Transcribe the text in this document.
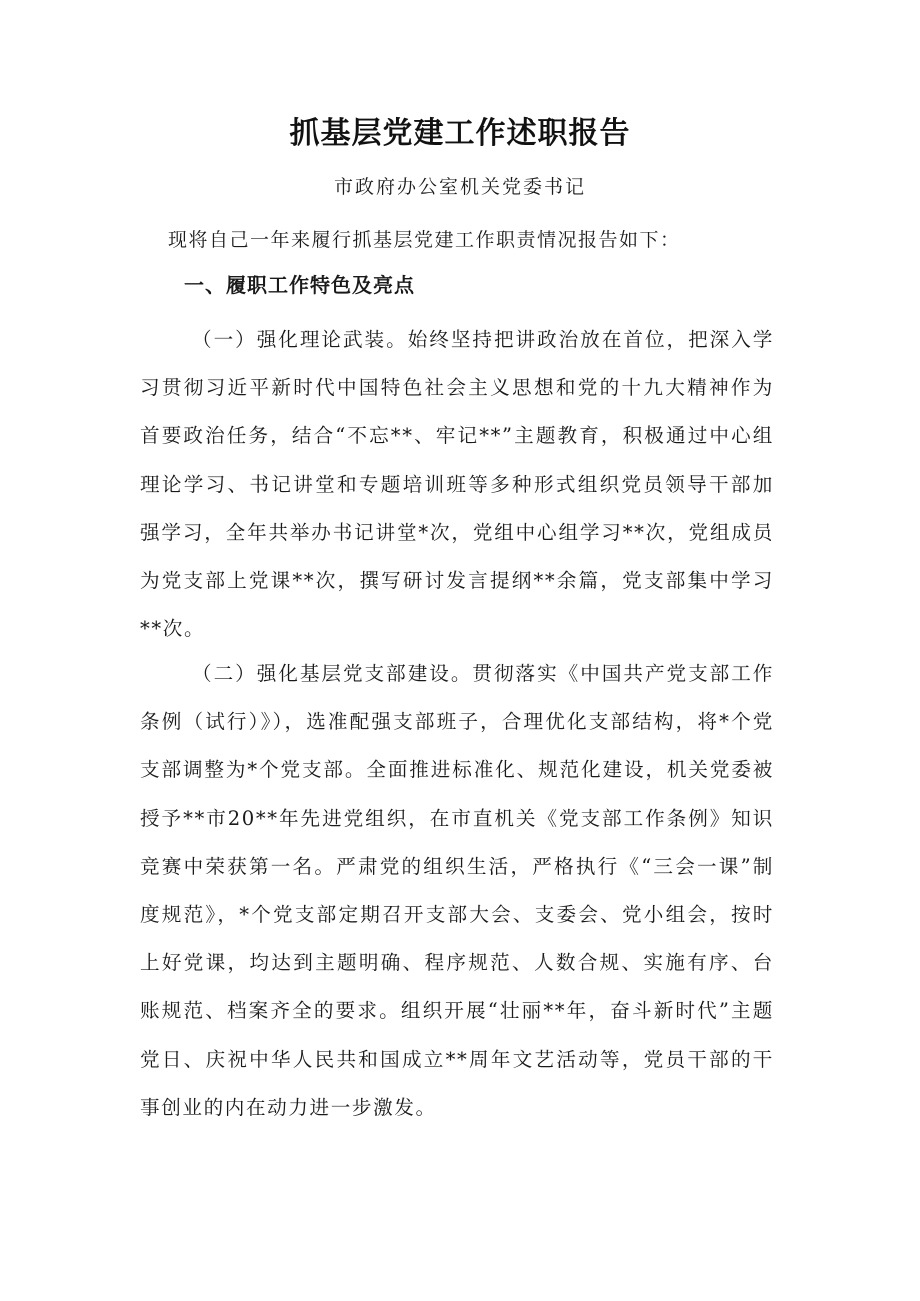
抓基层党建工作述职报告
市政府办公室机关党委书记
现将自己一年来履行抓基层党建工作职责情况报告如下：
一、履职工作特色及亮点

（一）强化理论武装。始终坚持把讲政治放在首位，把深入学习贯彻习近平新时代中国特色社会主义思想和党的十九大精神作为首要政治任务，结合“不忘**、牢记**”主题教育，积极通过中心组理论学习、书记讲堂和专题培训班等多种形式组织党员领导干部加强学习，全年共举办书记讲堂*次，党组中心组学习**次，党组成员为党支部上党课**次，撰写研讨发言提纲**余篇，党支部集中学习**次。

（二）强化基层党支部建设。贯彻落实《中国共产党支部工作条例（试行）》），选准配强支部班子，合理优化支部结构，将*个党支部调整为*个党支部。全面推进标准化、规范化建设，机关党委被授予**市20**年先进党组织，在市直机关《党支部工作条例》知识竞赛中荣获第一名。严肃党的组织生活，严格执行《“三会一课”制度规范》，*个党支部定期召开支部大会、支委会、党小组会，按时上好党课，均达到主题明确、程序规范、人数合规、实施有序、台账规范、档案齐全的要求。组织开展“壮丽**年，奋斗新时代”主题党日、庆祝中华人民共和国成立**周年文艺活动等，党员干部的干事创业的内在动力进一步激发。
